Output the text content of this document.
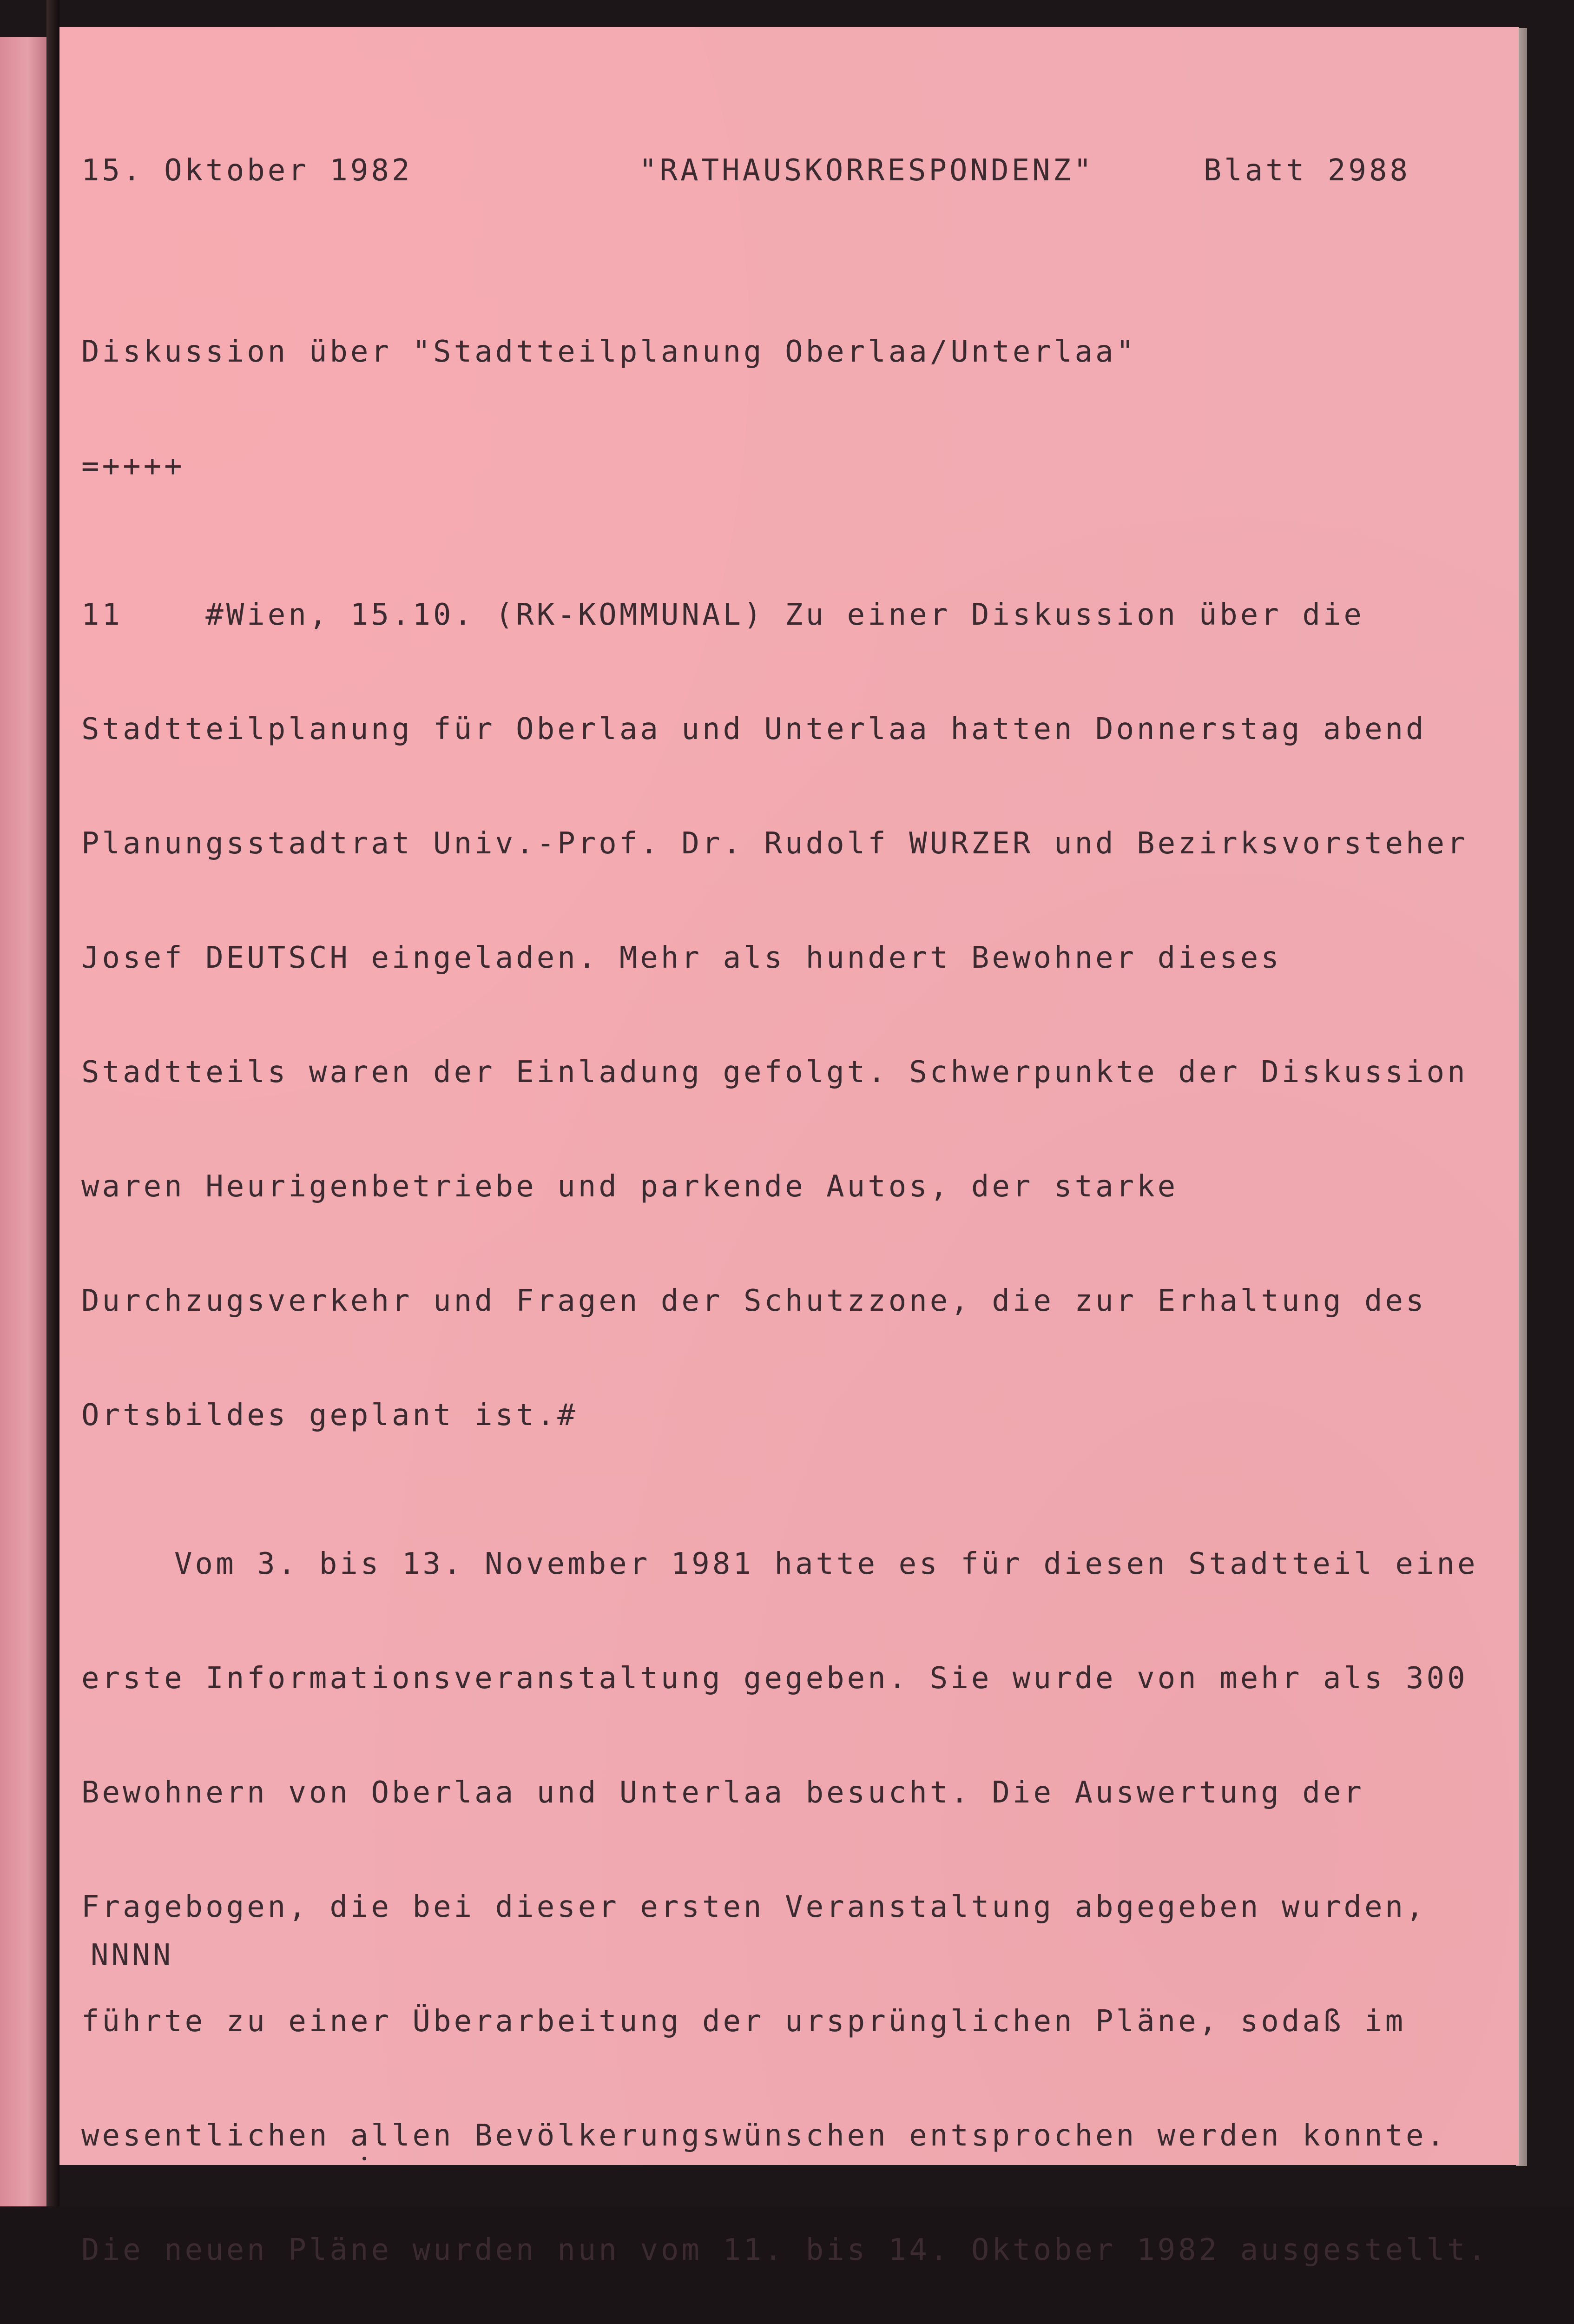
15. Oktober 1982

	"RATHAUSKORRESPONDENZ"

	Blatt 2988

Diskussion über "Stadtteilplanung Oberlaa/Unterlaa"

=++++

11    #Wien, 15.10. (RK-KOMMUNAL) Zu einer Diskussion über die

Stadtteilplanung für Oberlaa und Unterlaa hatten Donnerstag abend

Planungsstadtrat Univ.-Prof. Dr. Rudolf WURZER und Bezirksvorsteher

Josef DEUTSCH eingeladen. Mehr als hundert Bewohner dieses

Stadtteils waren der Einladung gefolgt. Schwerpunkte der Diskussion

waren Heurigenbetriebe und parkende Autos, der starke

Durchzugsverkehr und Fragen der Schutzzone, die zur Erhaltung des

Ortsbildes geplant ist.#

Vom 3. bis 13. November 1981 hatte es für diesen Stadtteil eine

erste Informationsveranstaltung gegeben. Sie wurde von mehr als 300

Bewohnern von Oberlaa und Unterlaa besucht. Die Auswertung der

Fragebogen, die bei dieser ersten Veranstaltung abgegeben wurden,

führte zu einer Überarbeitung der ursprünglichen Pläne, sodaß im

wesentlichen allen Bevölkerungswünschen entsprochen werden konnte.

Die neuen Pläne wurden nun vom 11. bis 14. Oktober 1982 ausgestellt.

NNNN
